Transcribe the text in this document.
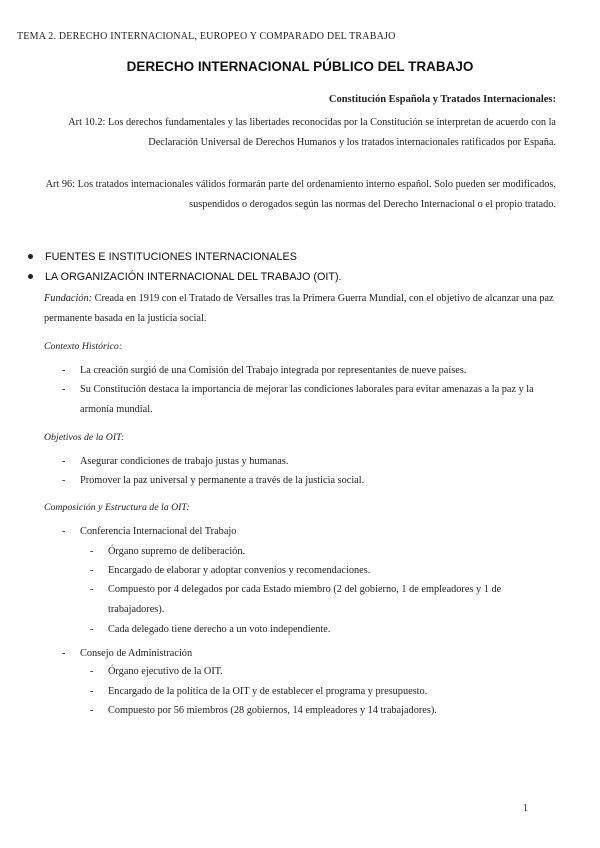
TEMA 2. DERECHO INTERNACIONAL, EUROPEO Y COMPARADO DEL TRABAJO
DERECHO INTERNACIONAL PÚBLICO DEL TRABAJO
Constitución Española y Tratados Internacionales:
Art 10.2: Los derechos fundamentales y las libertades reconocidas por la Constitución se interpretan de acuerdo con la Declaración Universal de Derechos Humanos y los tratados internacionales ratificados por España.
Art 96: Los tratados internacionales válidos formarán parte del ordenamiento interno español. Solo pueden ser modificados, suspendidos o derogados según las normas del Derecho Internacional o el propio tratado.
FUENTES E INSTITUCIONES INTERNACIONALES
LA ORGANIZACIÓN INTERNACIONAL DEL TRABAJO (OIT).
Fundación: Creada en 1919 con el Tratado de Versalles tras la Primera Guerra Mundial, con el objetivo de alcanzar una paz permanente basada en la justicia social.
Contexto Histórico:
- La creación surgió de una Comisión del Trabajo integrada por representantes de nueve países.
- Su Constitución destaca la importancia de mejorar las condiciones laborales para evitar amenazas a la paz y la armonía mundial.
Objetivos de la OIT:
- Asegurar condiciones de trabajo justas y humanas.
- Promover la paz universal y permanente a través de la justicia social.
Composición y Estructura de la OIT:
- Conferencia Internacional del Trabajo
- Órgano supremo de deliberación.
- Encargado de elaborar y adoptar convenios y recomendaciones.
- Compuesto por 4 delegados por cada Estado miembro (2 del gobierno, 1 de empleadores y 1 de trabajadores).
- Cada delegado tiene derecho a un voto independiente.
- Consejo de Administración
- Órgano ejecutivo de la OIT.
- Encargado de la política de la OIT y de establecer el programa y presupuesto.
- Compuesto por 56 miembros (28 gobiernos, 14 empleadores y 14 trabajadores).
1
